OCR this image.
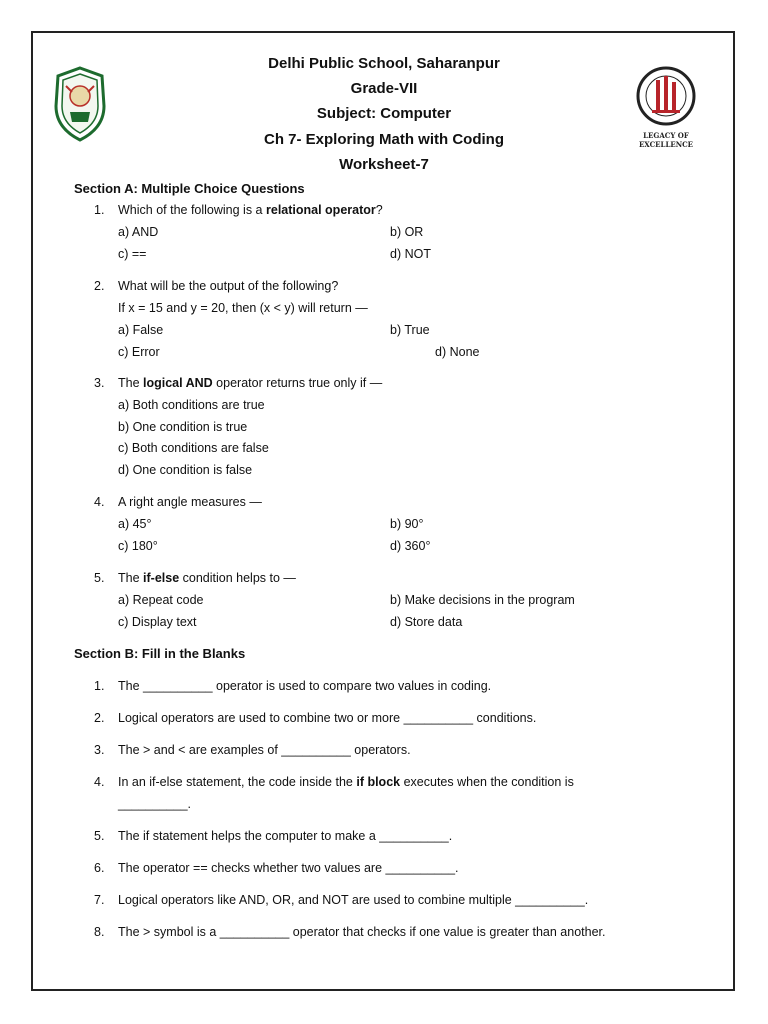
LEGACY OF
EXCELLENCE
Delhi Public School, Saharanpur
Grade-VII
Subject: Computer
Ch 7- Exploring Math with Coding
Worksheet-7
Section A: Multiple Choice Questions
1. Which of the following is a relational operator?
a) AND	b) OR
c) ==	d) NOT
2. What will be the output of the following?
If x = 15 and y = 20, then (x < y) will return —
a) False	b) True
c) Error	d) None
3. The logical AND operator returns true only if —
a) Both conditions are true
b) One condition is true
c) Both conditions are false
d) One condition is false
4. A right angle measures —
a) 45°	b) 90°
c) 180°	d) 360°
5. The if-else condition helps to —
a) Repeat code	b) Make decisions in the program
c) Display text	d) Store data
Section B: Fill in the Blanks
1. The __________ operator is used to compare two values in coding.
2. Logical operators are used to combine two or more __________ conditions.
3. The > and < are examples of __________ operators.
4. In an if-else statement, the code inside the if block executes when the condition is
__________.
5. The if statement helps the computer to make a __________.
6. The operator == checks whether two values are __________.
7. Logical operators like AND, OR, and NOT are used to combine multiple __________.
8. The > symbol is a __________ operator that checks if one value is greater than another.
